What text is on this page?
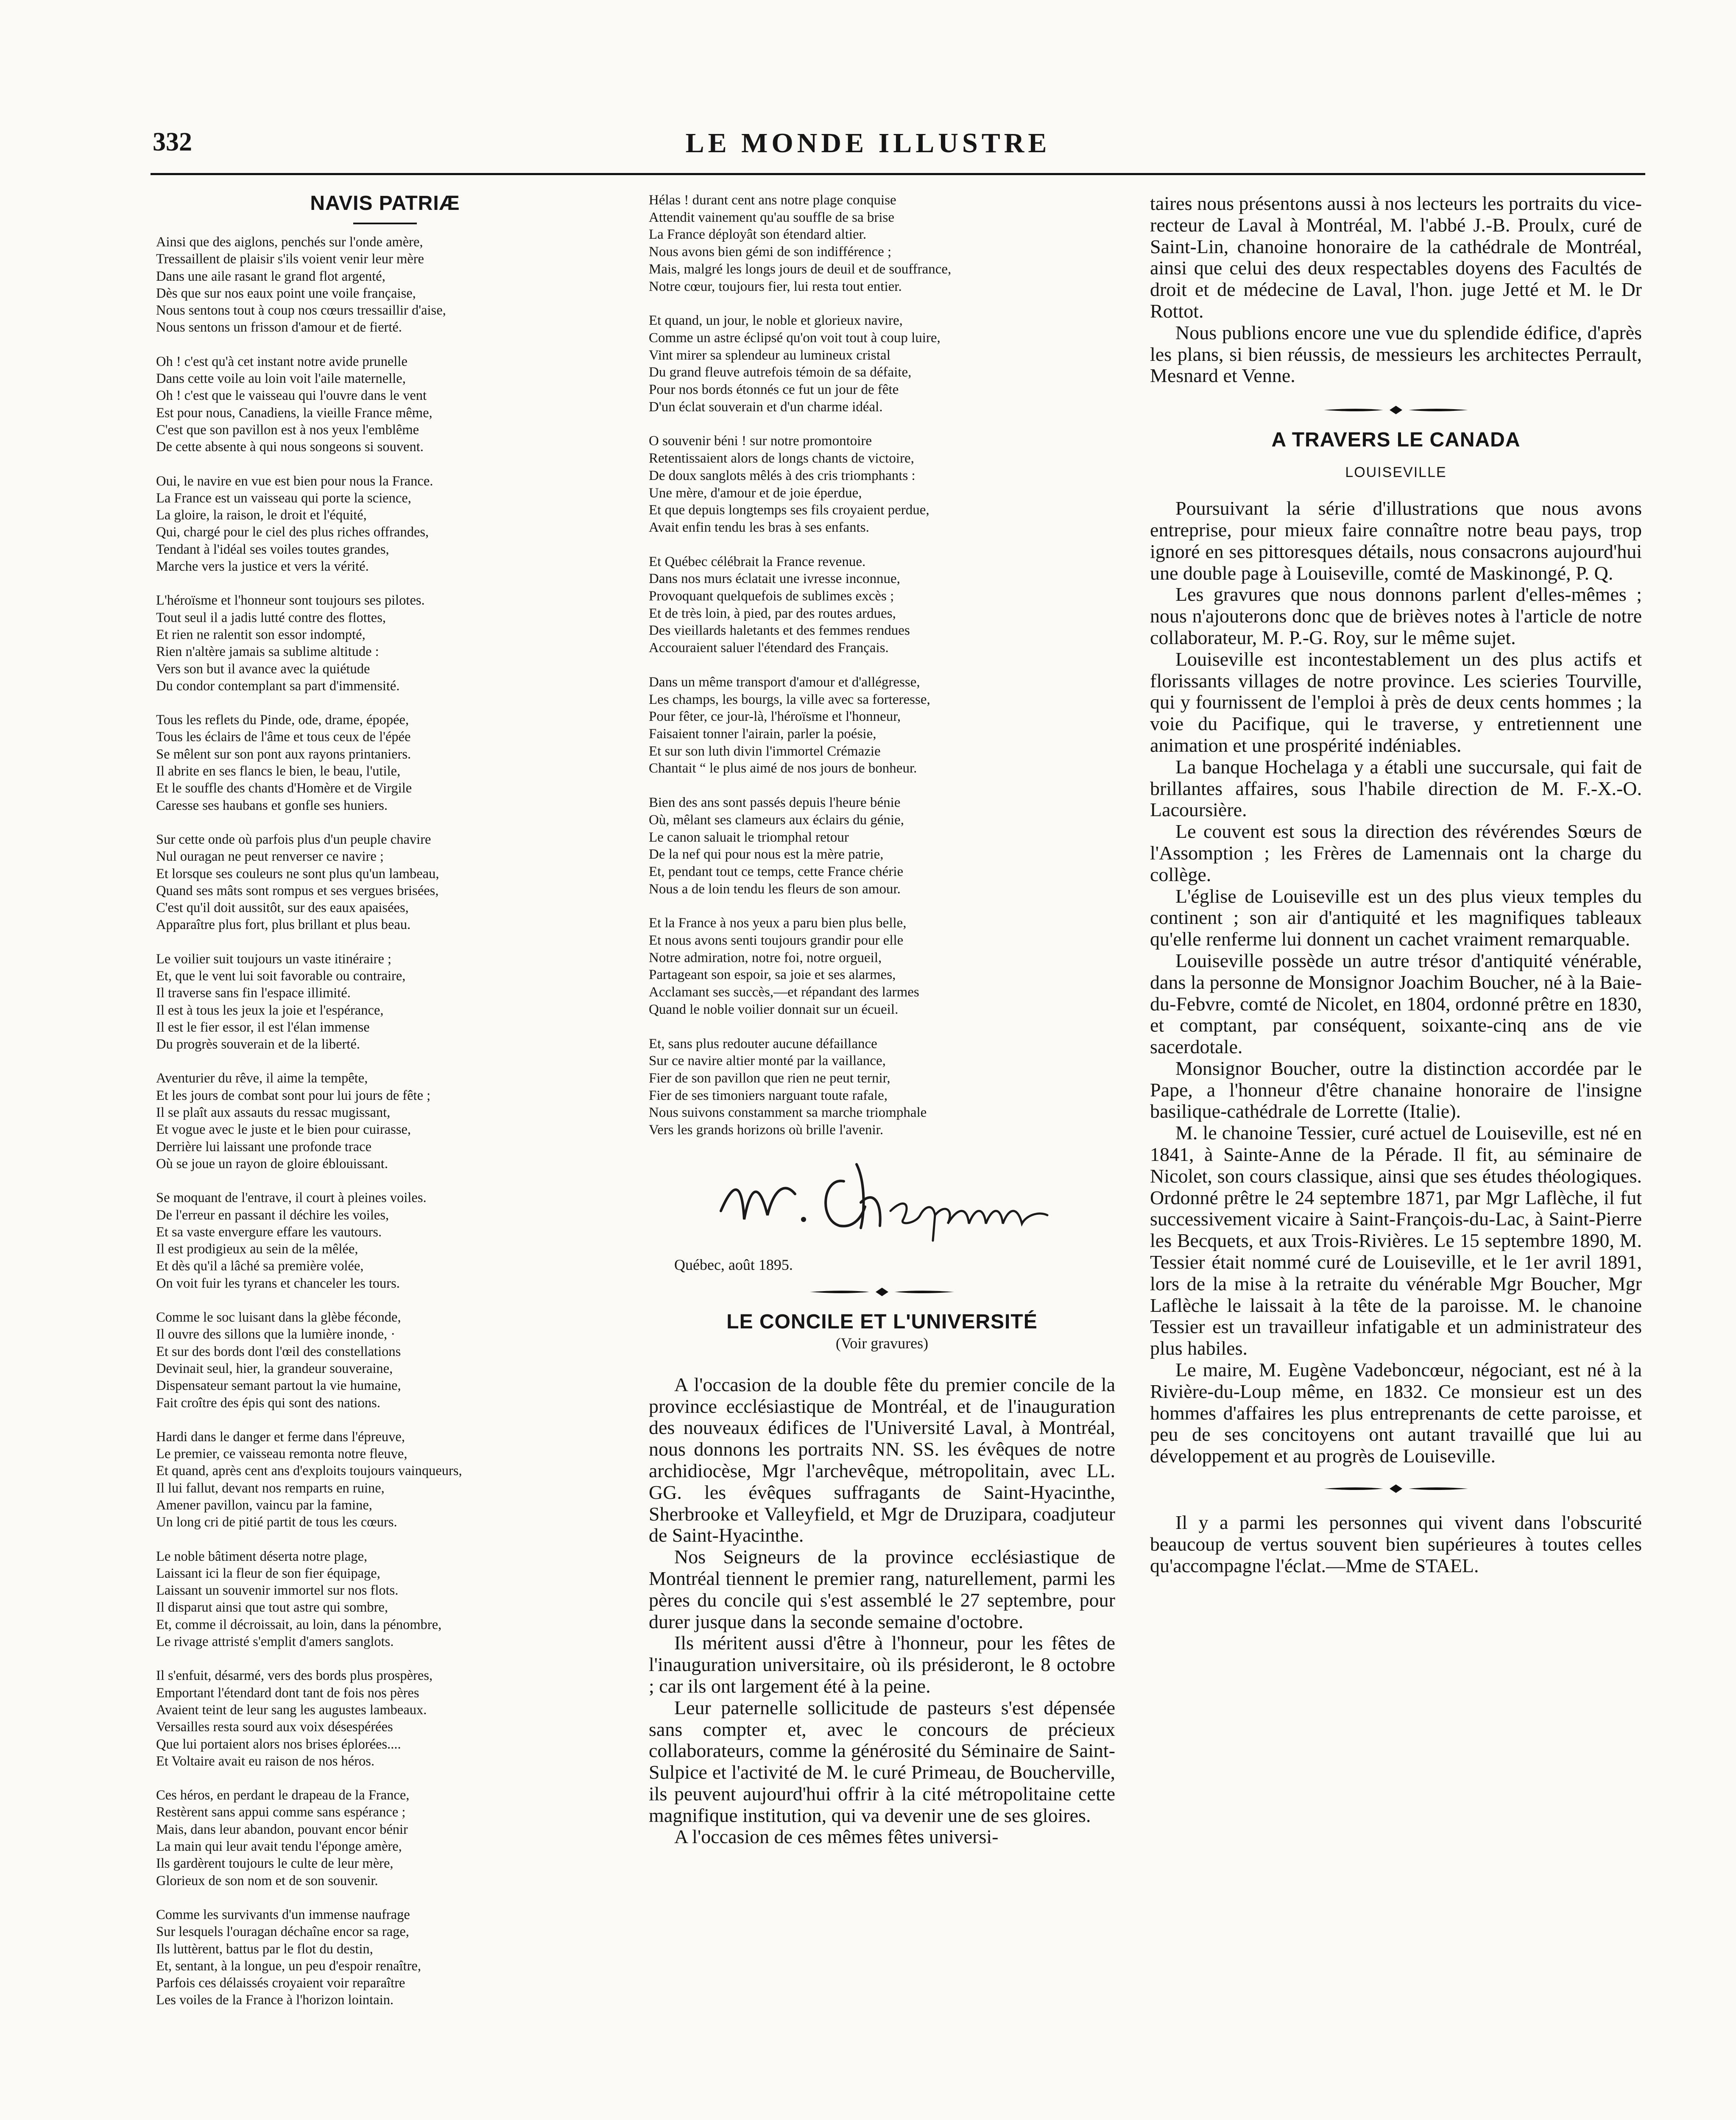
332	LE MONDE ILLUSTRE
NAVIS PATRIÆ
Ainsi que des aiglons, penchés sur l'onde amère,
Tressaillent de plaisir s'ils voient venir leur mère
Dans une aile rasant le grand flot argenté,
Dès que sur nos eaux point une voile française,
Nous sentons tout à coup nos cœurs tressaillir d'aise,
Nous sentons un frisson d'amour et de fierté.
Oh ! c'est qu'à cet instant notre avide prunelle
Dans cette voile au loin voit l'aile maternelle,
Oh ! c'est que le vaisseau qui l'ouvre dans le vent
Est pour nous, Canadiens, la vieille France même,
C'est que son pavillon est à nos yeux l'emblême
De cette absente à qui nous songeons si souvent.
Oui, le navire en vue est bien pour nous la France.
La France est un vaisseau qui porte la science,
La gloire, la raison, le droit et l'équité,
Qui, chargé pour le ciel des plus riches offrandes,
Tendant à l'idéal ses voiles toutes grandes,
Marche vers la justice et vers la vérité.
L'héroïsme et l'honneur sont toujours ses pilotes.
Tout seul il a jadis lutté contre des flottes,
Et rien ne ralentit son essor indompté,
Rien n'altère jamais sa sublime altitude :
Vers son but il avance avec la quiétude
Du condor contemplant sa part d'immensité.
Tous les reflets du Pinde, ode, drame, épopée,
Tous les éclairs de l'âme et tous ceux de l'épée
Se mêlent sur son pont aux rayons printaniers.
Il abrite en ses flancs le bien, le beau, l'utile,
Et le souffle des chants d'Homère et de Virgile
Caresse ses haubans et gonfle ses huniers.
Sur cette onde où parfois plus d'un peuple chavire
Nul ouragan ne peut renverser ce navire ;
Et lorsque ses couleurs ne sont plus qu'un lambeau,
Quand ses mâts sont rompus et ses vergues brisées,
C'est qu'il doit aussitôt, sur des eaux apaisées,
Apparaître plus fort, plus brillant et plus beau.
Le voilier suit toujours un vaste itinéraire ;
Et, que le vent lui soit favorable ou contraire,
Il traverse sans fin l'espace illimité.
Il est à tous les jeux la joie et l'espérance,
Il est le fier essor, il est l'élan immense
Du progrès souverain et de la liberté.
Aventurier du rêve, il aime la tempête,
Et les jours de combat sont pour lui jours de fête ;
Il se plaît aux assauts du ressac mugissant,
Et vogue avec le juste et le bien pour cuirasse,
Derrière lui laissant une profonde trace
Où se joue un rayon de gloire éblouissant.
Se moquant de l'entrave, il court à pleines voiles.
De l'erreur en passant il déchire les voiles,
Et sa vaste envergure effare les vautours.
Il est prodigieux au sein de la mêlée,
Et dès qu'il a lâché sa première volée,
On voit fuir les tyrans et chanceler les tours.
Comme le soc luisant dans la glèbe féconde,
Il ouvre des sillons que la lumière inonde, ·
Et sur des bords dont l'œil des constellations
Devinait seul, hier, la grandeur souveraine,
Dispensateur semant partout la vie humaine,
Fait croître des épis qui sont des nations.
Hardi dans le danger et ferme dans l'épreuve,
Le premier, ce vaisseau remonta notre fleuve,
Et quand, après cent ans d'exploits toujours vainqueurs,
Il lui fallut, devant nos remparts en ruine,
Amener pavillon, vaincu par la famine,
Un long cri de pitié partit de tous les cœurs.
Le noble bâtiment déserta notre plage,
Laissant ici la fleur de son fier équipage,
Laissant un souvenir immortel sur nos flots.
Il disparut ainsi que tout astre qui sombre,
Et, comme il décroissait, au loin, dans la pénombre,
Le rivage attristé s'emplit d'amers sanglots.
Il s'enfuit, désarmé, vers des bords plus prospères,
Emportant l'étendard dont tant de fois nos pères
Avaient teint de leur sang les augustes lambeaux.
Versailles resta sourd aux voix désespérées
Que lui portaient alors nos brises éplorées....
Et Voltaire avait eu raison de nos héros.
Ces héros, en perdant le drapeau de la France,
Restèrent sans appui comme sans espérance ;
Mais, dans leur abandon, pouvant encor bénir
La main qui leur avait tendu l'éponge amère,
Ils gardèrent toujours le culte de leur mère,
Glorieux de son nom et de son souvenir.
Comme les survivants d'un immense naufrage
Sur lesquels l'ouragan déchaîne encor sa rage,
Ils luttèrent, battus par le flot du destin,
Et, sentant, à la longue, un peu d'espoir renaître,
Parfois ces délaissés croyaient voir reparaître
Les voiles de la France à l'horizon lointain.
Hélas ! durant cent ans notre plage conquise
Attendit vainement qu'au souffle de sa brise
La France déployât son étendard altier.
Nous avons bien gémi de son indifférence ;
Mais, malgré les longs jours de deuil et de souffrance,
Notre cœur, toujours fier, lui resta tout entier.
Et quand, un jour, le noble et glorieux navire,
Comme un astre éclipsé qu'on voit tout à coup luire,
Vint mirer sa splendeur au lumineux cristal
Du grand fleuve autrefois témoin de sa défaite,
Pour nos bords étonnés ce fut un jour de fête
D'un éclat souverain et d'un charme idéal.
O souvenir béni ! sur notre promontoire
Retentissaient alors de longs chants de victoire,
De doux sanglots mêlés à des cris triomphants :
Une mère, d'amour et de joie éperdue,
Et que depuis longtemps ses fils croyaient perdue,
Avait enfin tendu les bras à ses enfants.
Et Québec célébrait la France revenue.
Dans nos murs éclatait une ivresse inconnue,
Provoquant quelquefois de sublimes excès ;
Et de très loin, à pied, par des routes ardues,
Des vieillards haletants et des femmes rendues
Accouraient saluer l'étendard des Français.
Dans un même transport d'amour et d'allégresse,
Les champs, les bourgs, la ville avec sa forteresse,
Pour fêter, ce jour-là, l'héroïsme et l'honneur,
Faisaient tonner l'airain, parler la poésie,
Et sur son luth divin l'immortel Crémazie
Chantait “ le plus aimé de nos jours de bonheur.
Bien des ans sont passés depuis l'heure bénie
Où, mêlant ses clameurs aux éclairs du génie,
Le canon saluait le triomphal retour
De la nef qui pour nous est la mère patrie,
Et, pendant tout ce temps, cette France chérie
Nous a de loin tendu les fleurs de son amour.
Et la France à nos yeux a paru bien plus belle,
Et nous avons senti toujours grandir pour elle
Notre admiration, notre foi, notre orgueil,
Partageant son espoir, sa joie et ses alarmes,
Acclamant ses succès,—et répandant des larmes
Quand le noble voilier donnait sur un écueil.
Et, sans plus redouter aucune défaillance
Sur ce navire altier monté par la vaillance,
Fier de son pavillon que rien ne peut ternir,
Fier de ses timoniers narguant toute rafale,
Nous suivons constamment sa marche triomphale
Vers les grands horizons où brille l'avenir.
Québec, août 1895.
LE CONCILE ET L'UNIVERSITÉ
(Voir gravures)

A l'occasion de la double fête du premier concile de la province ecclésiastique de Montréal, et de l'inauguration des nouveaux édifices de l'Université Laval, à Montréal, nous donnons les portraits NN. SS. les évêques de notre archidiocèse, Mgr l'archevêque, métropolitain, avec LL. GG. les évêques suffragants de Saint-Hyacinthe, Sherbrooke et Valleyfield, et Mgr de Druzipara, coadjuteur de Saint-Hyacinthe.

Nos Seigneurs de la province ecclésiastique de Montréal tiennent le premier rang, naturellement, parmi les pères du concile qui s'est assemblé le 27 septembre, pour durer jusque dans la seconde semaine d'octobre.

Ils méritent aussi d'être à l'honneur, pour les fêtes de l'inauguration universitaire, où ils présideront, le 8 octobre ; car ils ont largement été à la peine.

Leur paternelle sollicitude de pasteurs s'est dépensée sans compter et, avec le concours de précieux collaborateurs, comme la générosité du Séminaire de Saint-Sulpice et l'activité de M. le curé Primeau, de Boucherville, ils peuvent aujourd'hui offrir à la cité métropolitaine cette magnifique institution, qui va devenir une de ses gloires.

A l'occasion de ces mêmes fêtes universi-

taires nous présentons aussi à nos lecteurs les portraits du vice-recteur de Laval à Montréal, M. l'abbé J.-B. Proulx, curé de Saint-Lin, chanoine honoraire de la cathédrale de Montréal, ainsi que celui des deux respectables doyens des Facultés de droit et de médecine de Laval, l'hon. juge Jetté et M. le Dr Rottot.

Nous publions encore une vue du splendide édifice, d'après les plans, si bien réussis, de messieurs les architectes Perrault, Mesnard et Venne.

A TRAVERS LE CANADA
LOUISEVILLE

Poursuivant la série d'illustrations que nous avons entreprise, pour mieux faire connaître notre beau pays, trop ignoré en ses pittoresques détails, nous consacrons aujourd'hui une double page à Louiseville, comté de Maskinongé, P. Q.

Les gravures que nous donnons parlent d'elles-mêmes ; nous n'ajouterons donc que de brièves notes à l'article de notre collaborateur, M. P.-G. Roy, sur le même sujet.

Louiseville est incontestablement un des plus actifs et florissants villages de notre province. Les scieries Tourville, qui y fournissent de l'emploi à près de deux cents hommes ; la voie du Pacifique, qui le traverse, y entretiennent une animation et une prospérité indéniables.

La banque Hochelaga y a établi une succursale, qui fait de brillantes affaires, sous l'habile direction de M. F.-X.-O. Lacoursière.

Le couvent est sous la direction des révérendes Sœurs de l'Assomption ; les Frères de Lamennais ont la charge du collège.

L'église de Louiseville est un des plus vieux temples du continent ; son air d'antiquité et les magnifiques tableaux qu'elle renferme lui donnent un cachet vraiment remarquable.

Louiseville possède un autre trésor d'antiquité vénérable, dans la personne de Monsignor Joachim Boucher, né à la Baie-du-Febvre, comté de Nicolet, en 1804, ordonné prêtre en 1830, et comptant, par conséquent, soixante-cinq ans de vie sacerdotale.

Monsignor Boucher, outre la distinction accordée par le Pape, a l'honneur d'être chanaine honoraire de l'insigne basilique-cathédrale de Lorrette (Italie).

M. le chanoine Tessier, curé actuel de Louiseville, est né en 1841, à Sainte-Anne de la Pérade. Il fit, au séminaire de Nicolet, son cours classique, ainsi que ses études théologiques. Ordonné prêtre le 24 septembre 1871, par Mgr Laflèche, il fut successivement vicaire à Saint-François-du-Lac, à Saint-Pierre les Becquets, et aux Trois-Rivières. Le 15 septembre 1890, M. Tessier était nommé curé de Louiseville, et le 1er avril 1891, lors de la mise à la retraite du vénérable Mgr Boucher, Mgr Laflèche le laissait à la tête de la paroisse. M. le chanoine Tessier est un travailleur infatigable et un administrateur des plus habiles.

Le maire, M. Eugène Vadeboncœur, négociant, est né à la Rivière-du-Loup même, en 1832. Ce monsieur est un des hommes d'affaires les plus entreprenants de cette paroisse, et peu de ses concitoyens ont autant travaillé que lui au développement et au progrès de Louiseville.

Il y a parmi les personnes qui vivent dans l'obscurité beaucoup de vertus souvent bien supérieures à toutes celles qu'accompagne l'éclat.—Mme de STAEL.
